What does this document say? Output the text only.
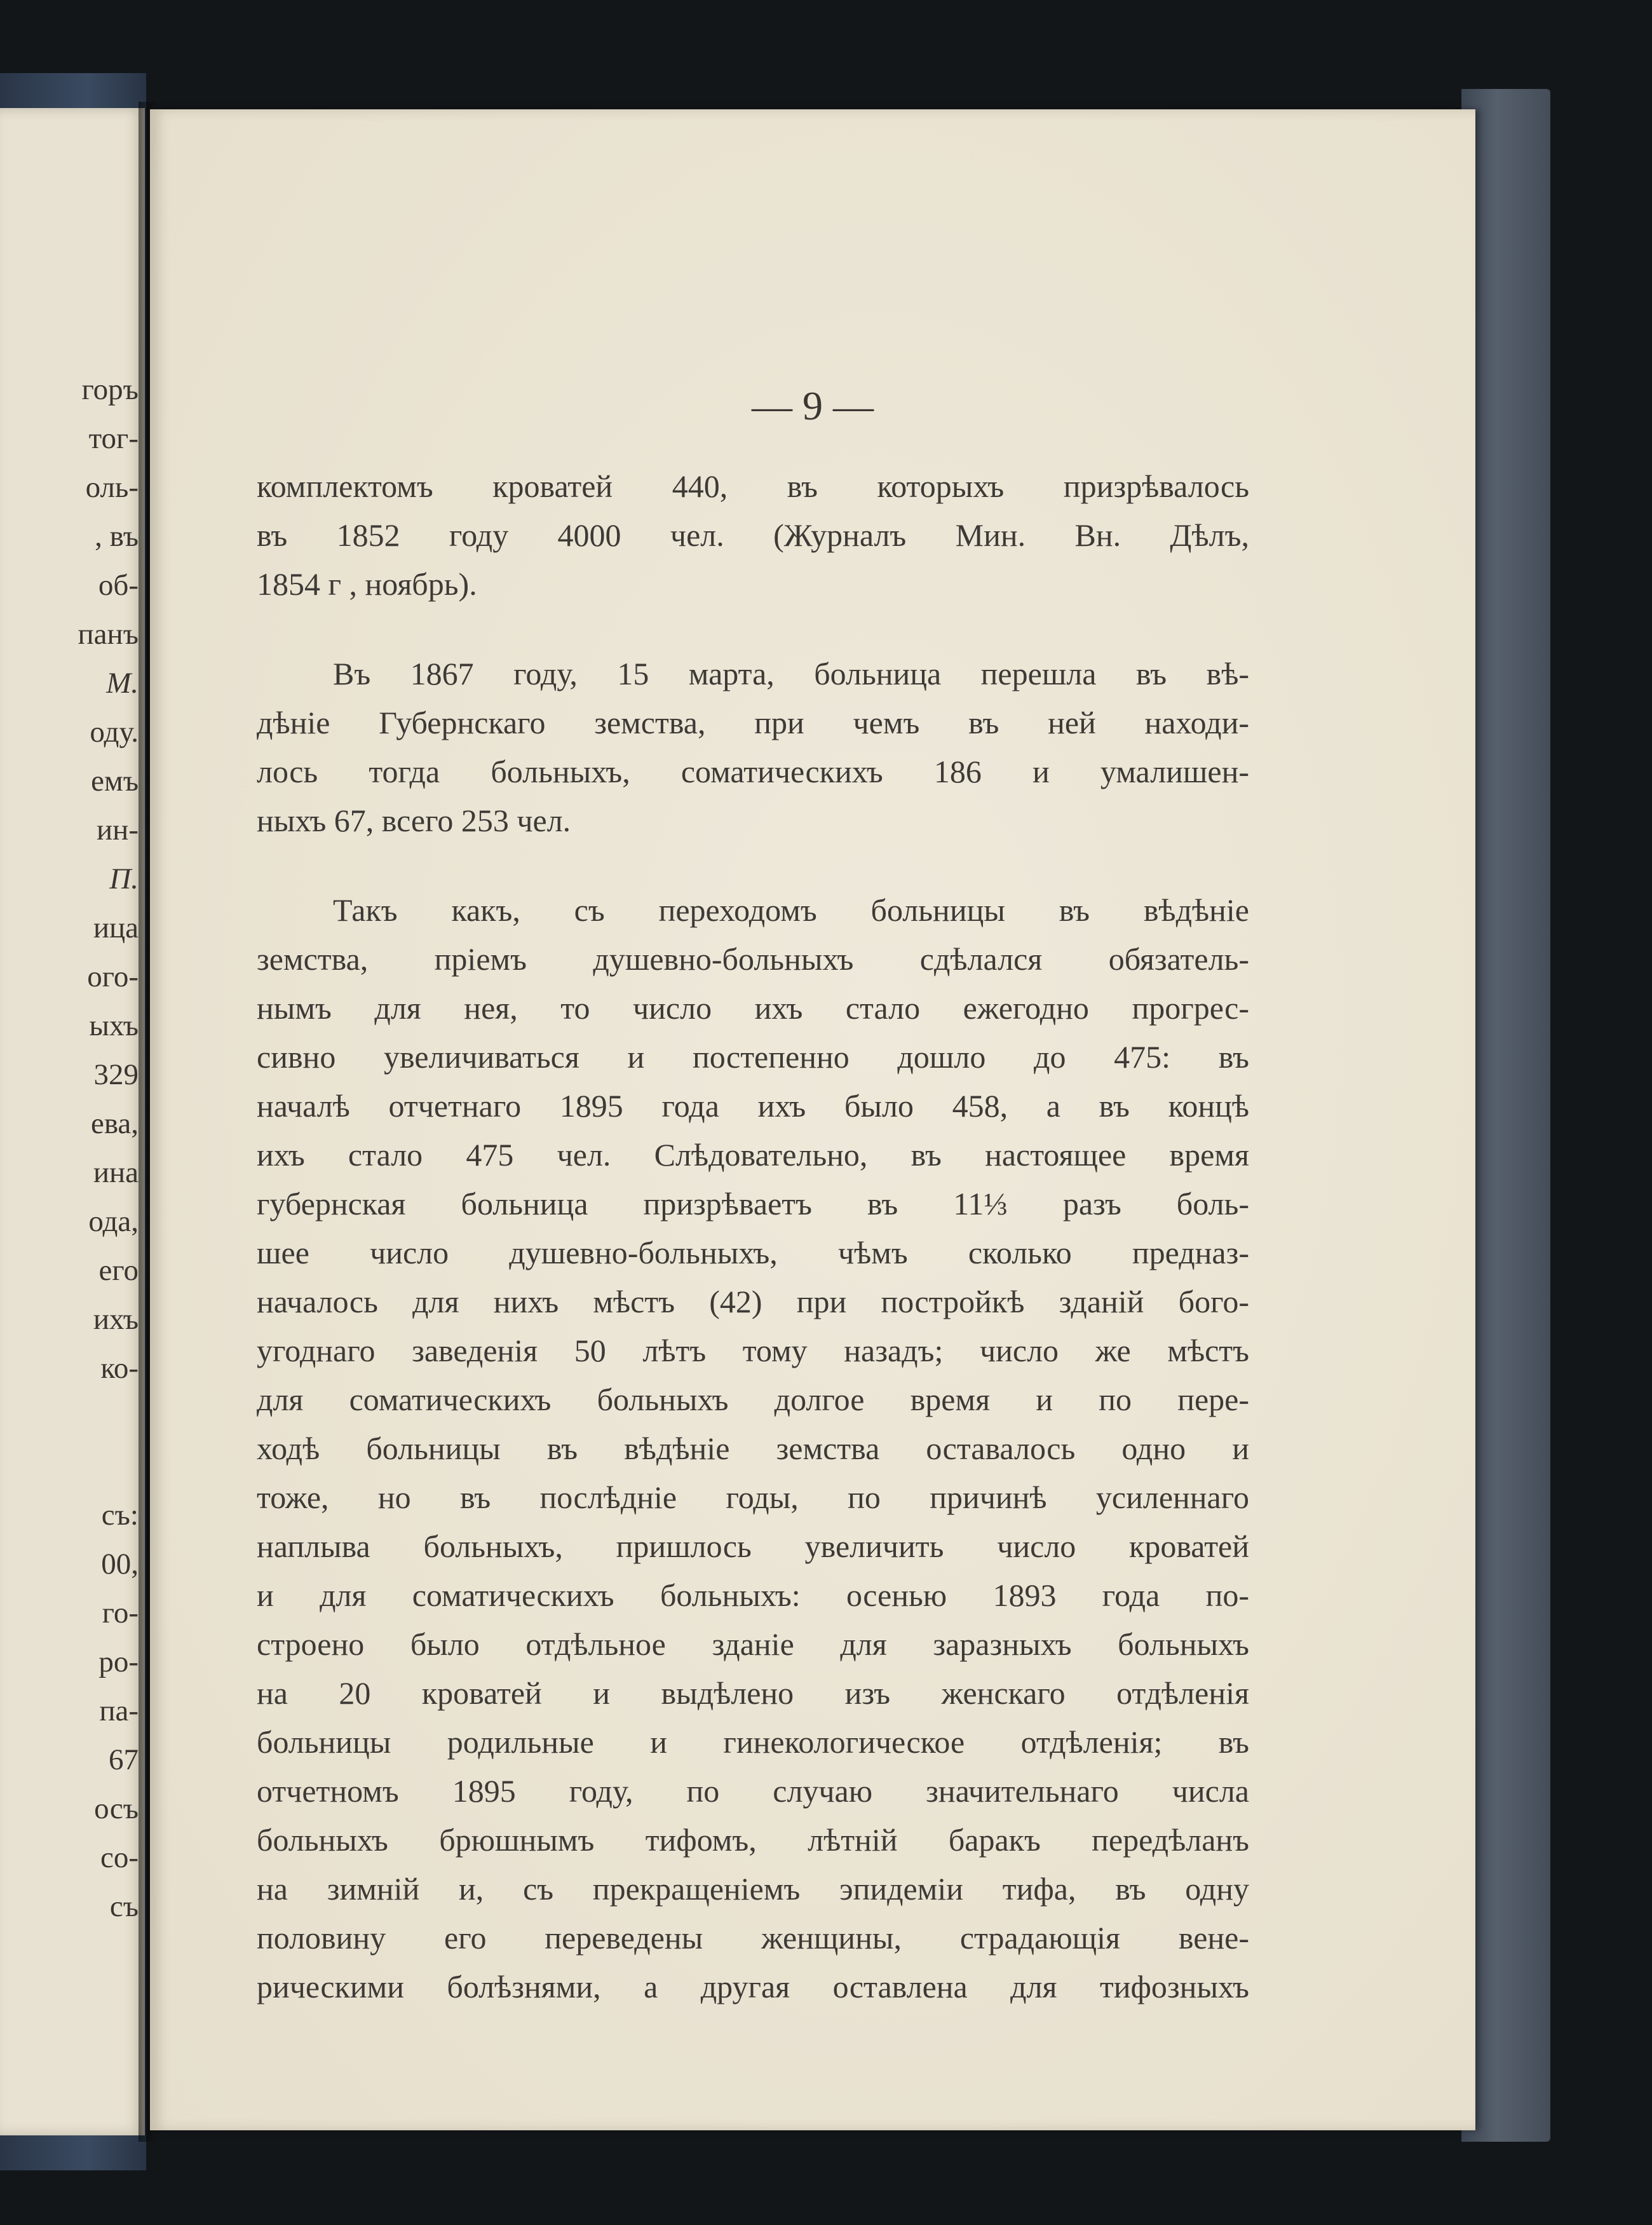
горъ

тог-

оль-

, въ

об-

панъ

М.

оду.

емъ

ин-

П.

ица

ого-

ыхъ

329

ева,

ина

ода,

его

ихъ

ко-

съ:

00,

го-

ро-

па-

67

осъ

со-

съ

— 9 —

комплектомъ кроватей 440, въ которыхъ призрѣвалось

въ 1852 году 4000 чел. (Журналъ Мин. Вн. Дѣлъ,

1854 г , ноябрь).

Въ 1867 году, 15 марта, больница перешла въ вѣ-

дѣніе Губернскаго земства, при чемъ въ ней находи-

лось тогда больныхъ, соматическихъ 186 и умалишен-

ныхъ 67, всего 253 чел.

Такъ какъ, съ переходомъ больницы въ вѣдѣніе

земства, пріемъ душевно-больныхъ сдѣлался обязатель-

нымъ для нея, то число ихъ стало ежегодно прогрес-

сивно увеличиваться и постепенно дошло до 475: въ

началѣ отчетнаго 1895 года ихъ было 458, а въ концѣ

ихъ стало 475 чел. Слѣдовательно, въ настоящее время

губернская больница призрѣваетъ въ 11⅓ разъ боль-

шее число душевно-больныхъ, чѣмъ сколько предназ-

началось для нихъ мѣстъ (42) при постройкѣ зданій бого-

угоднаго заведенія 50 лѣтъ тому назадъ; число же мѣстъ

для соматическихъ больныхъ долгое время и по пере-

ходѣ больницы въ вѣдѣніе земства оставалось одно и

тоже, но въ послѣдніе годы, по причинѣ усиленнаго

наплыва больныхъ, пришлось увеличить число кроватей

и для соматическихъ больныхъ: осенью 1893 года по-

строено было отдѣльное зданіе для заразныхъ больныхъ

на 20 кроватей и выдѣлено изъ женскаго отдѣленія

больницы родильные и гинекологическое отдѣленія; въ

отчетномъ 1895 году, по случаю значительнаго числа

больныхъ брюшнымъ тифомъ, лѣтній баракъ передѣланъ

на зимній и, съ прекращеніемъ эпидеміи тифа, въ одну

половину его переведены женщины, страдающія вене-

рическими болѣзнями, а другая оставлена для тифозныхъ
